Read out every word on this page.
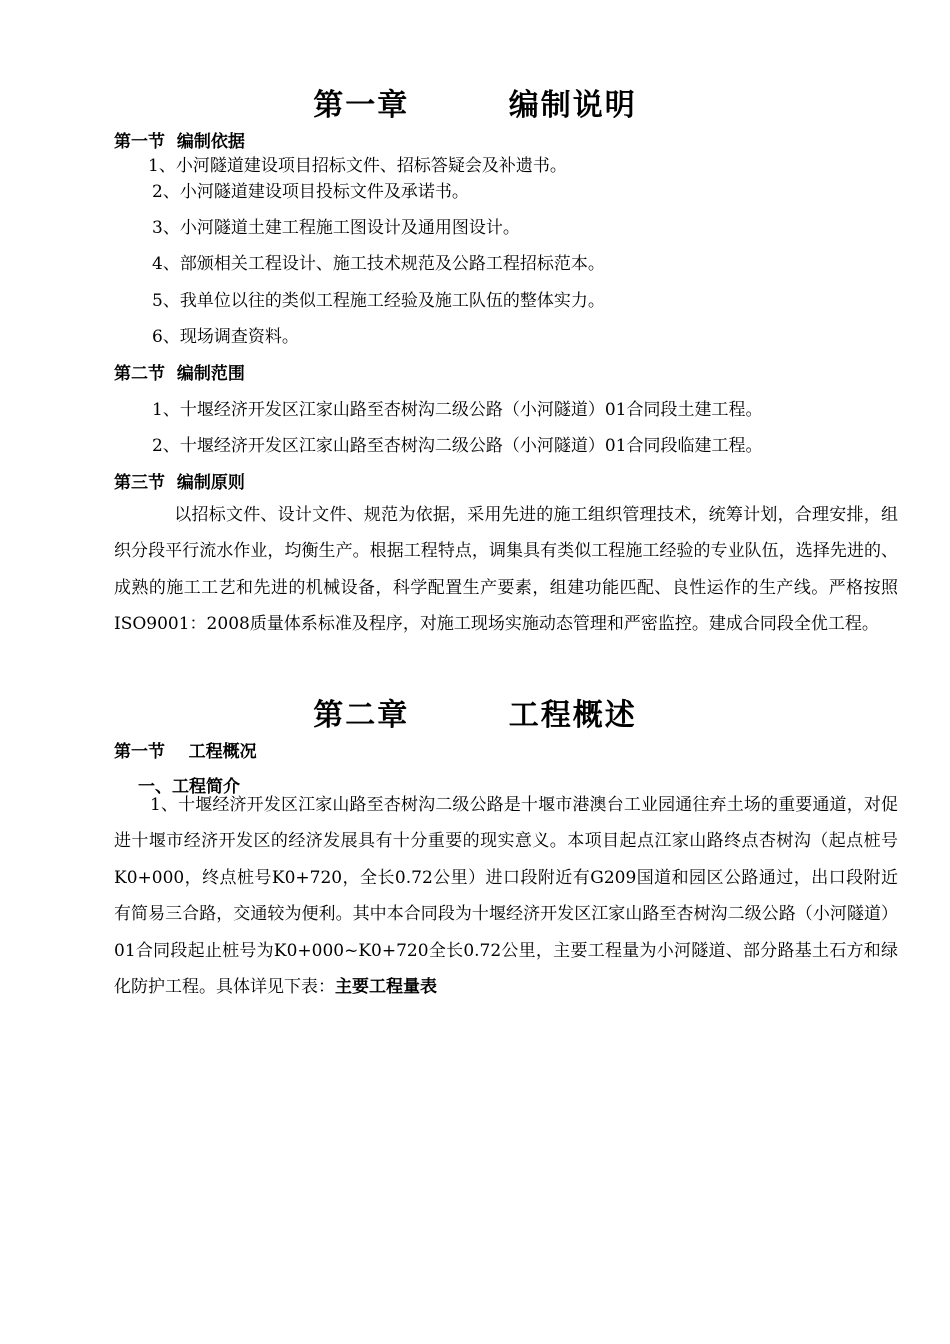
第一章        编制说明
第一节  编制依据
1、小河隧道建设项目招标文件、招标答疑会及补遗书。
2、小河隧道建设项目投标文件及承诺书。
3、小河隧道土建工程施工图设计及通用图设计。
4、部颁相关工程设计、施工技术规范及公路工程招标范本。
5、我单位以往的类似工程施工经验及施工队伍的整体实力。
6、现场调查资料。
第二节  编制范围
1、十堰经济开发区江家山路至杏树沟二级公路（小河隧道）01合同段土建工程。
2、十堰经济开发区江家山路至杏树沟二级公路（小河隧道）01合同段临建工程。
第三节  编制原则

以招标文件、设计文件、规范为依据，采用先进的施工组织管理技术，统筹计划，合理安排，组织分段平行流水作业，均衡生产。根据工程特点，调集具有类似工程施工经验的专业队伍，选择先进的、成熟的施工工艺和先进的机械设备，科学配置生产要素，组建功能匹配、良性运作的生产线。严格按照ISO9001：2008质量体系标准及程序，对施工现场实施动态管理和严密监控。建成合同段全优工程。

第二章        工程概述
第一节    工程概况
一、工程简介

1、十堰经济开发区江家山路至杏树沟二级公路是十堰市港澳台工业园通往弃土场的重要通道，对促进十堰市经济开发区的经济发展具有十分重要的现实意义。本项目起点江家山路终点杏树沟（起点桩号K0+000，终点桩号K0+720，全长0.72公里）进口段附近有G209国道和园区公路通过，出口段附近有简易三合路，交通较为便利。其中本合同段为十堰经济开发区江家山路至杏树沟二级公路（小河隧道）01合同段起止桩号为K0+000~K0+720全长0.72公里，主要工程量为小河隧道、部分路基土石方和绿化防护工程。具体详见下表：主要工程量表
